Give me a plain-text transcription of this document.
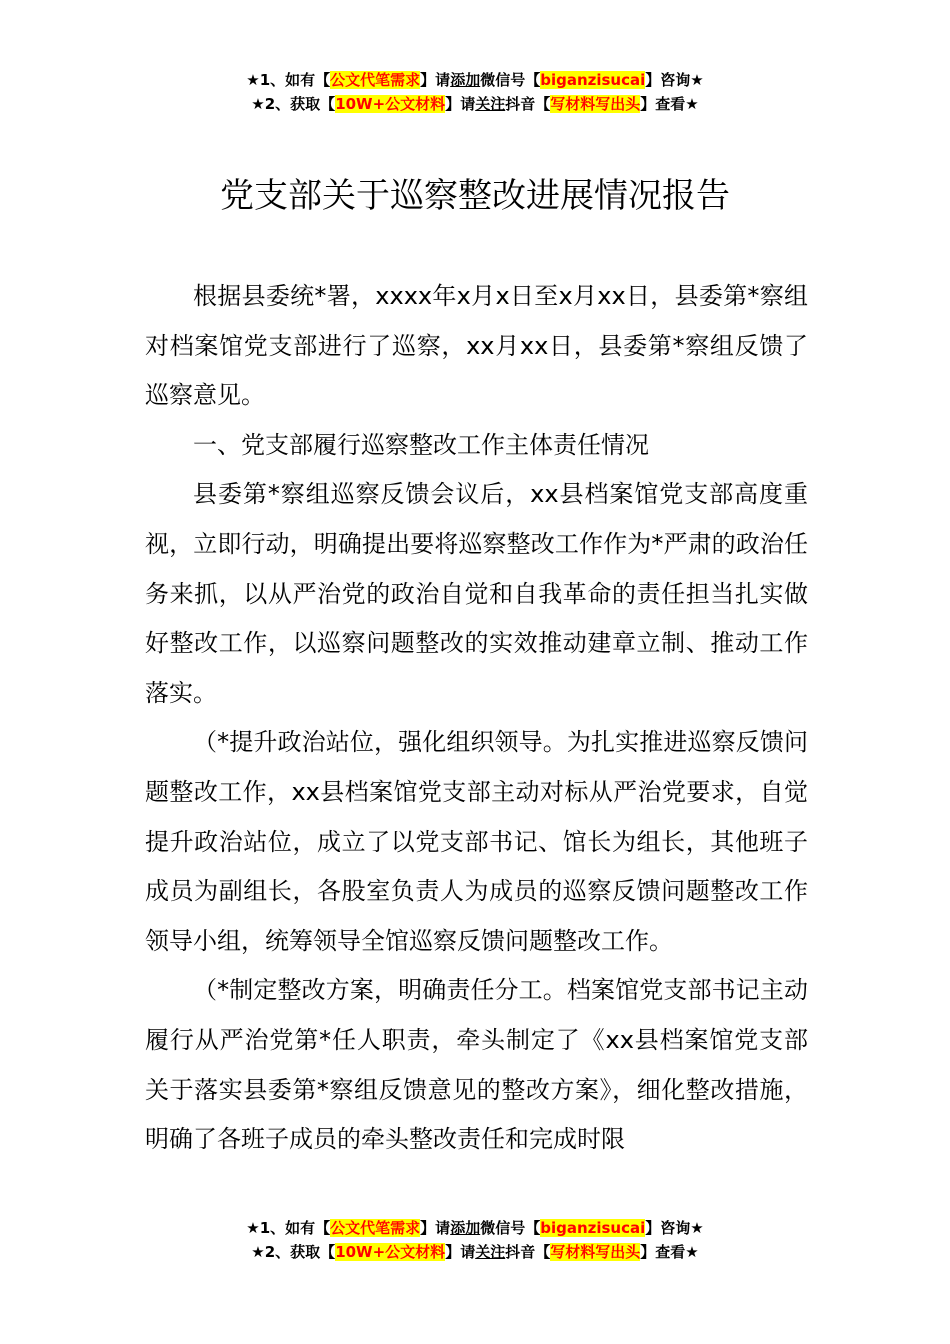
★1、如有【公文代笔需求】请添加微信号【biganzisucai】咨询★
★2、获取【10W+公文材料】请关注抖音【写材料写出头】查看★
党支部关于巡察整改进展情况报告

根据县委统*署，xxxx年x月x日至x月xx日，县委第*察组对档案馆党支部进行了巡察，xx月xx日，县委第*察组反馈了巡察意见。

一、党支部履行巡察整改工作主体责任情况

县委第*察组巡察反馈会议后，xx县档案馆党支部高度重视，立即行动，明确提出要将巡察整改工作作为*严肃的政治任务来抓，以从严治党的政治自觉和自我革命的责任担当扎实做好整改工作，以巡察问题整改的实效推动建章立制、推动工作落实。

（*提升政治站位，强化组织领导。为扎实推进巡察反馈问题整改工作，xx县档案馆党支部主动对标从严治党要求，自觉提升政治站位，成立了以党支部书记、馆长为组长，其他班子成员为副组长，各股室负责人为成员的巡察反馈问题整改工作领导小组，统筹领导全馆巡察反馈问题整改工作。

（*制定整改方案，明确责任分工。档案馆党支部书记主动履行从严治党第*任人职责，牵头制定了《xx县档案馆党支部关于落实县委第*察组反馈意见的整改方案》，细化整改措施，明确了各班子成员的牵头整改责任和完成时限

★1、如有【公文代笔需求】请添加微信号【biganzisucai】咨询★
★2、获取【10W+公文材料】请关注抖音【写材料写出头】查看★
